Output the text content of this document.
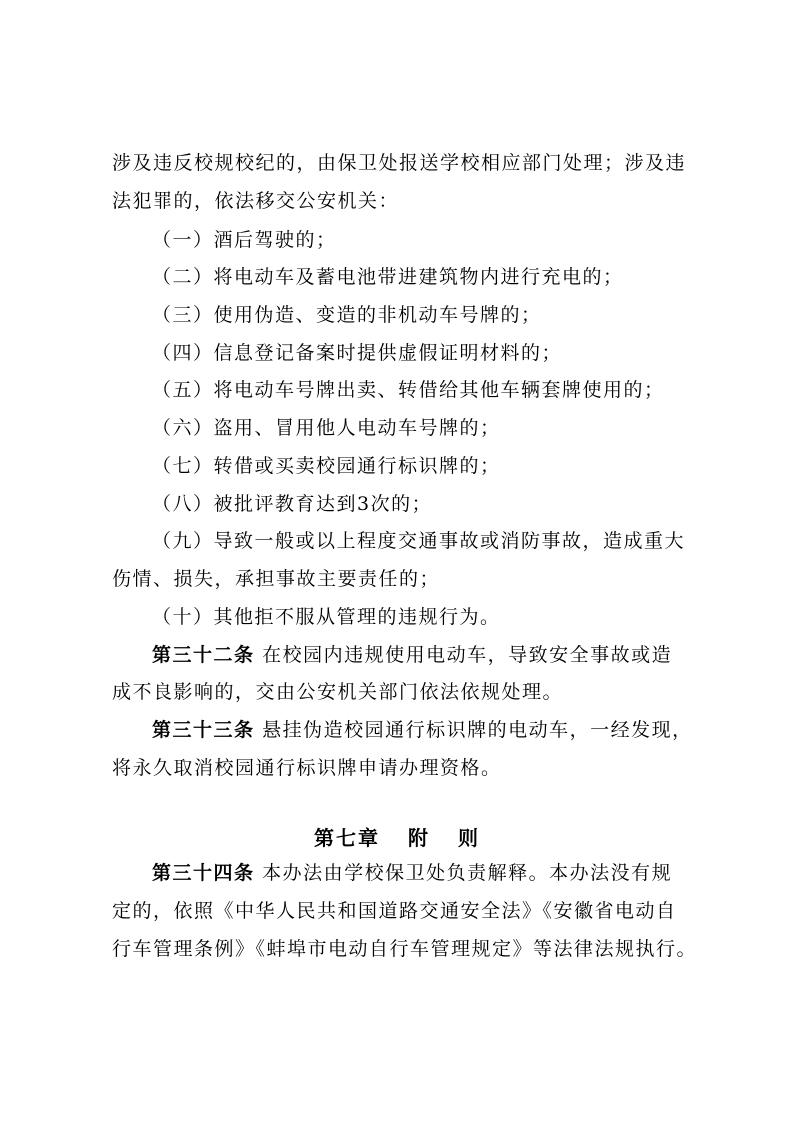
涉及违反校规校纪的，由保卫处报送学校相应部门处理；涉及违
法犯罪的，依法移交公安机关：
（一）酒后驾驶的；
（二）将电动车及蓄电池带进建筑物内进行充电的；
（三）使用伪造、变造的非机动车号牌的；
（四）信息登记备案时提供虚假证明材料的；
（五）将电动车号牌出卖、转借给其他车辆套牌使用的；
（六）盗用、冒用他人电动车号牌的；
（七）转借或买卖校园通行标识牌的；
（八）被批评教育达到3次的；
（九）导致一般或以上程度交通事故或消防事故，造成重大
伤情、损失，承担事故主要责任的；
（十）其他拒不服从管理的违规行为。
第三十二条 在校园内违规使用电动车，导致安全事故或造
成不良影响的，交由公安机关部门依法依规处理。
第三十三条 悬挂伪造校园通行标识牌的电动车，一经发现，
将永久取消校园通行标识牌申请办理资格。
第七章 附 则
第三十四条 本办法由学校保卫处负责解释。本办法没有规
定的，依照《中华人民共和国道路交通安全法》《安徽省电动自
行车管理条例》《蚌埠市电动自行车管理规定》等法律法规执行。
